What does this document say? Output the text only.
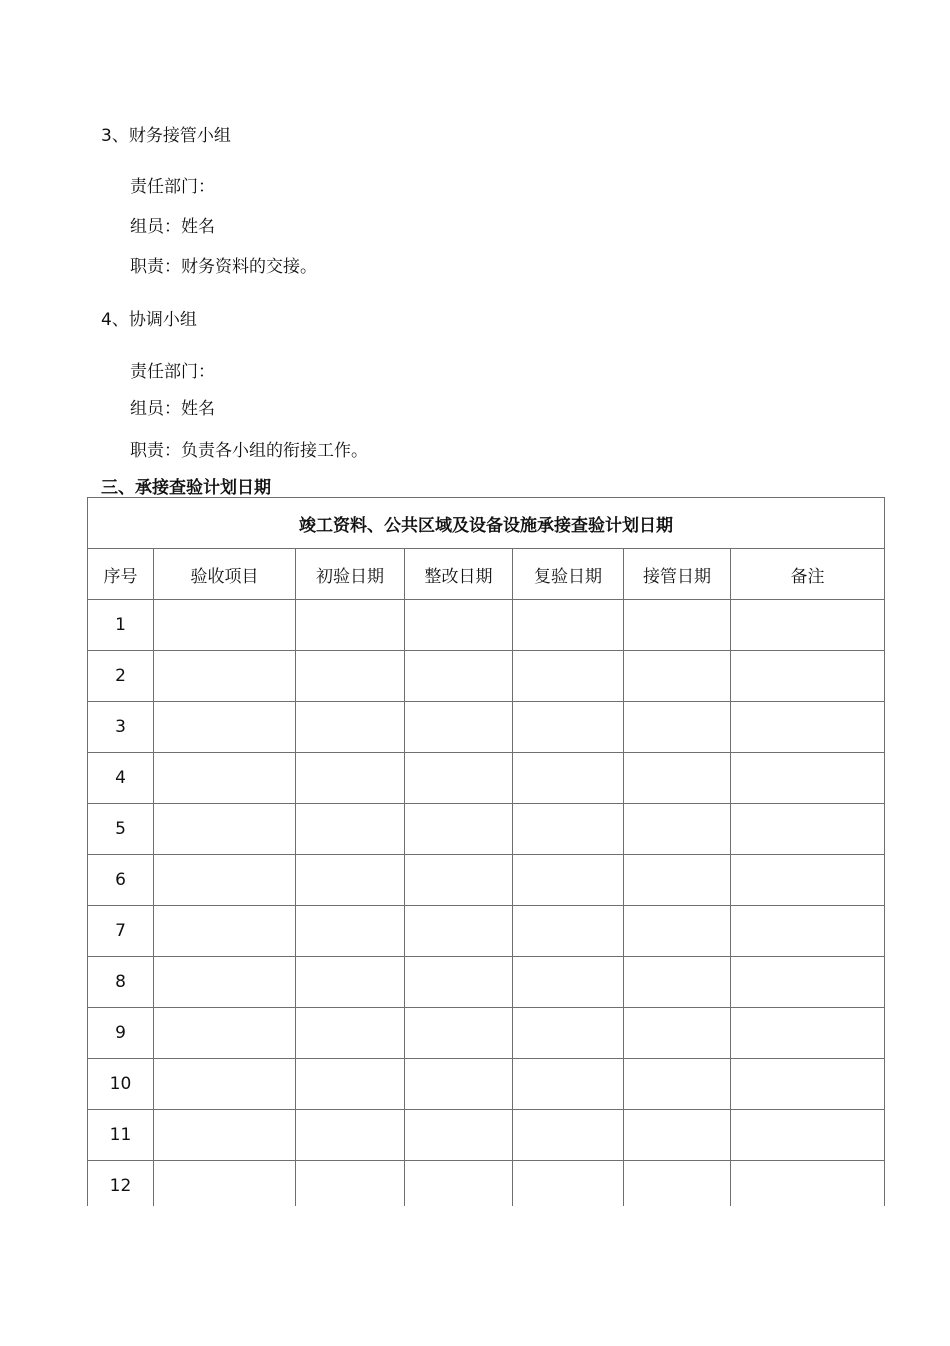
3、财务接管小组
责任部门：
组员：姓名
职责：财务资料的交接。
4、协调小组
责任部门：
组员：姓名
职责：负责各小组的衔接工作。
三、承接查验计划日期
竣工资料、公共区域及设备设施承接查验计划日期						
序号	验收项目	初验日期	整改日期	复验日期	接管日期	备注
1						
2						
3						
4						
5						
6						
7						
8						
9						
10						
11						
12						
